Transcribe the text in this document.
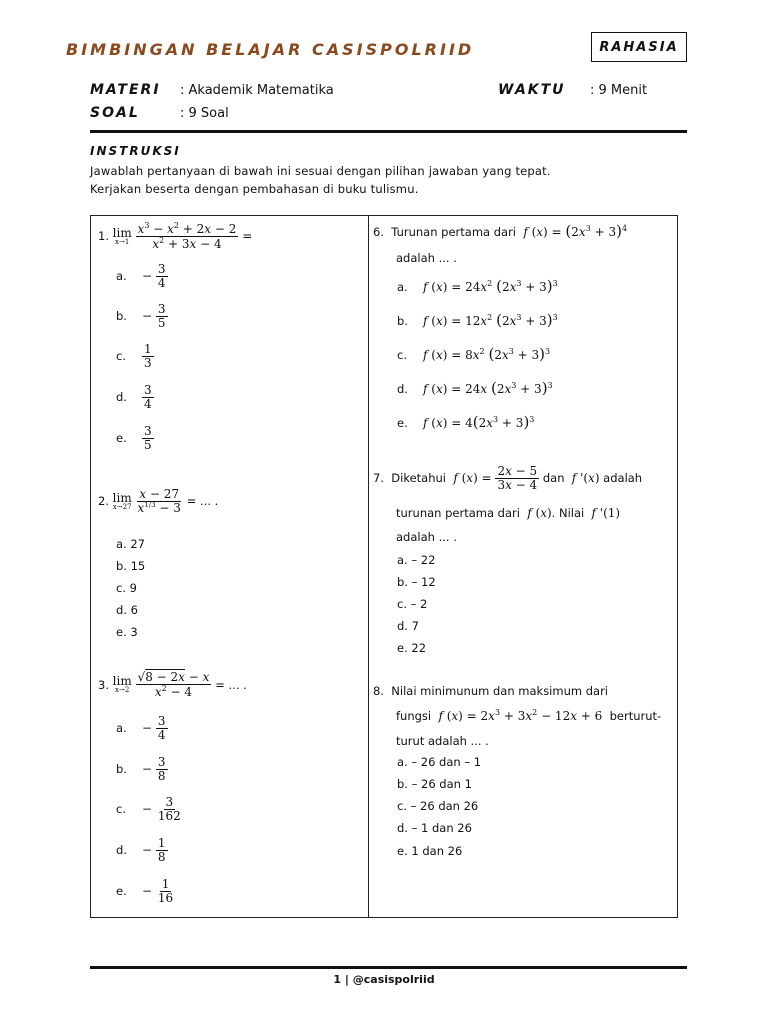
BIMBINGAN BELAJAR CASISPOLRIID	RAHASIA
MATERI : Akademik Matematika
SOAL	: 9 Soal
WAKTU : 9 Menit
INSTRUKSI
Jawablah pertanyaan di bawah ini sesuai dengan pilihan jawaban yang tepat.
Kerjakan beserta dengan pembahasan di buku tulismu.
1. lim
x→1
$\frac{x^3 - x^2 + 2x - 2}{x^2 + 3x - 4}$ =
a. − $\frac{3}{4}$
b. − $\frac{3}{5}$
c. $\frac{1}{3}$
d. $\frac{3}{4}$
e. $\frac{3}{5}$
2. lim
x→27
$\frac{x - 27}{x^{1/3} - 3}$ = ... .
a. 27
b. 15
c. 9
d. 6
e. 3
3. lim
x→2
$\frac{√8 - 2x - x}{x^2 - 4}$ = ... .
a. − $\frac{3}{4}$
b. − $\frac{3}{8}$
c. − $\frac{3}{162}$
d. − $\frac{1}{8}$
e. − $\frac{1}{16}$
6. Turunan pertama dari f $(x) = (2x^3 + 3)^4$
adalah ... .
a. f $(x) = 24x^2$ $(2x^3 + 3)^3$
b. f $(x) = 12x^2$ $(2x^3 + 3)^3$
c. f $(x) = 8x^2$ $(2x^3 + 3)^3$
d. f (x) = 24x $(2x^3 + 3)^3$
e. f $(x) = 4(2x^3 + 3)^3$
7. Diketahui f $(x) = \frac{2x - 5}{3x - 4}$ dan f '(x) adalah
turunan pertama dari f (x). Nilai f '(1)
adalah ... .
a. – 22
b. – 12
c. – 2
d. 7
e. 22
8. Nilai minimunum dan maksimum dari
fungsi f $(x) = 2x^3 + 3x^2 - 12x + 6$ berturut-
turut adalah ... .
a. – 26 dan – 1
b. – 26 dan 1
c. – 26 dan 26
d. – 1 dan 26
e. 1 dan 26
1 | @casispolriid
